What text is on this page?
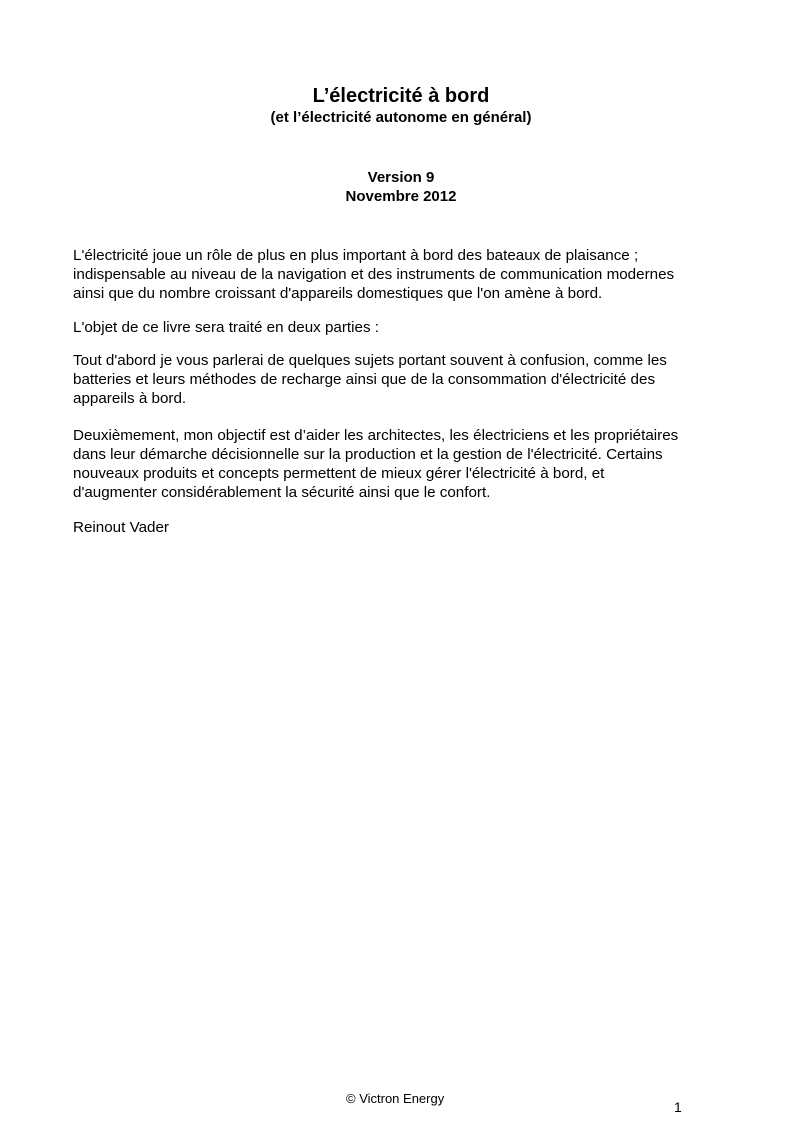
L’électricité à bord
(et l’électricité autonome en général)
Version 9
Novembre 2012

L'électricité joue un rôle de plus en plus important à bord des bateaux de plaisance ;
indispensable au niveau de la navigation et des instruments de communication modernes
ainsi que du nombre croissant d'appareils domestiques que l'on amène à bord.

L'objet de ce livre sera traité en deux parties :

Tout d'abord je vous parlerai de quelques sujets portant souvent à confusion, comme les
batteries et leurs méthodes de recharge ainsi que de la consommation d'électricité des
appareils à bord.

Deuxièmement, mon objectif est d’aider les architectes, les électriciens et les propriétaires
dans leur démarche décisionnelle sur la production et la gestion de l'électricité. Certains
nouveaux produits et concepts permettent de mieux gérer l'électricité à bord, et
d'augmenter considérablement la sécurité ainsi que le confort.

Reinout Vader

© Victron Energy
1
